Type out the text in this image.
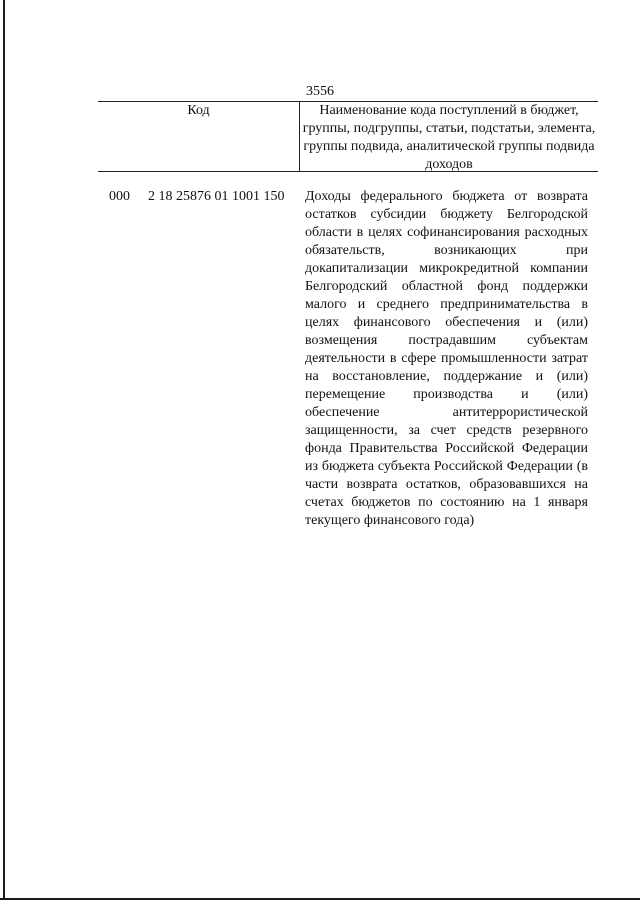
3556
Код	Наименование кода поступлений в бюджет, группы, подгруппы, статьи, подстатьи, элемента, группы подвида, аналитической группы подвида доходов
000 2 18 25876 01 1001 150 Доходы федерального бюджета от возврата остатков субсидии бюджету Белгородской области в целях софинансирования расходных обязательств, возникающих при докапитализации микрокредитной компании Белгородский областной фонд поддержки малого и среднего предпринимательства в целях финансового обеспечения и (или) возмещения пострадавшим субъектам деятельности в сфере промышленности затрат на восстановление, поддержание и (или) перемещение производства и (или) обеспечение антитеррористической защищенности, за счет средств резервного фонда Правительства Российской Федерации из бюджета субъекта Российской Федерации (в части возврата остатков, образовавшихся на счетах бюджетов по состоянию на 1 января текущего финансового года)
